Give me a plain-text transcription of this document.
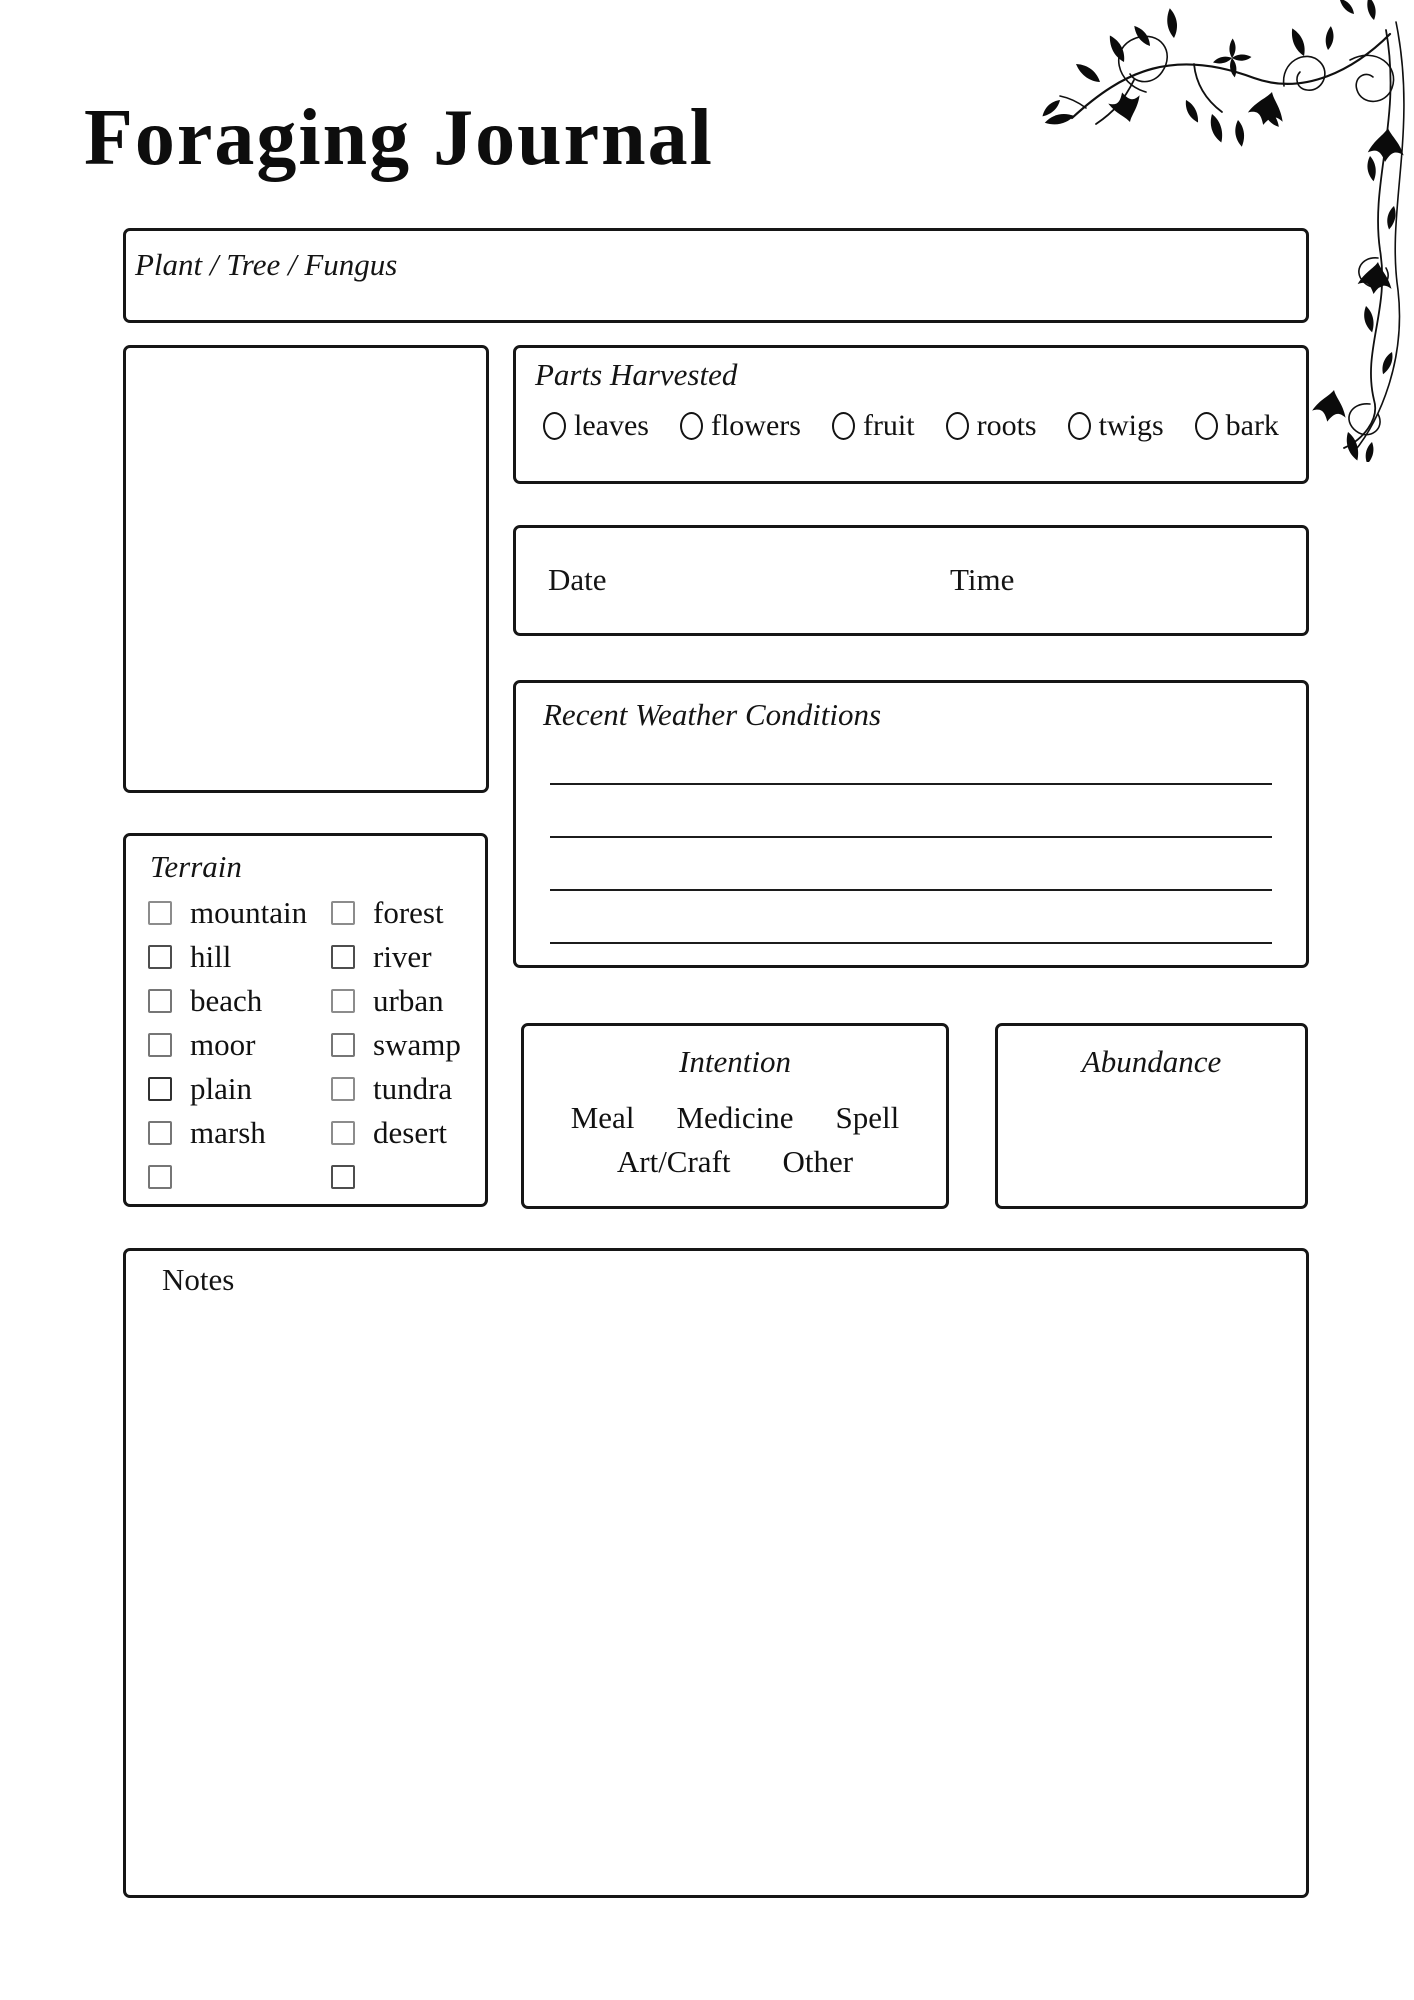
Foraging Journal
Plant / Tree / Fungus
Parts Harvested
leaves flowers fruit roots twigs bark
Date	Time
Recent Weather Conditions
Terrain
mountain
hill
beach
moor
plain
marsh
forest
river
urban
swamp
tundra
desert
Intention
Meal Medicine Spell
Art/Craft Other
Abundance
Notes
